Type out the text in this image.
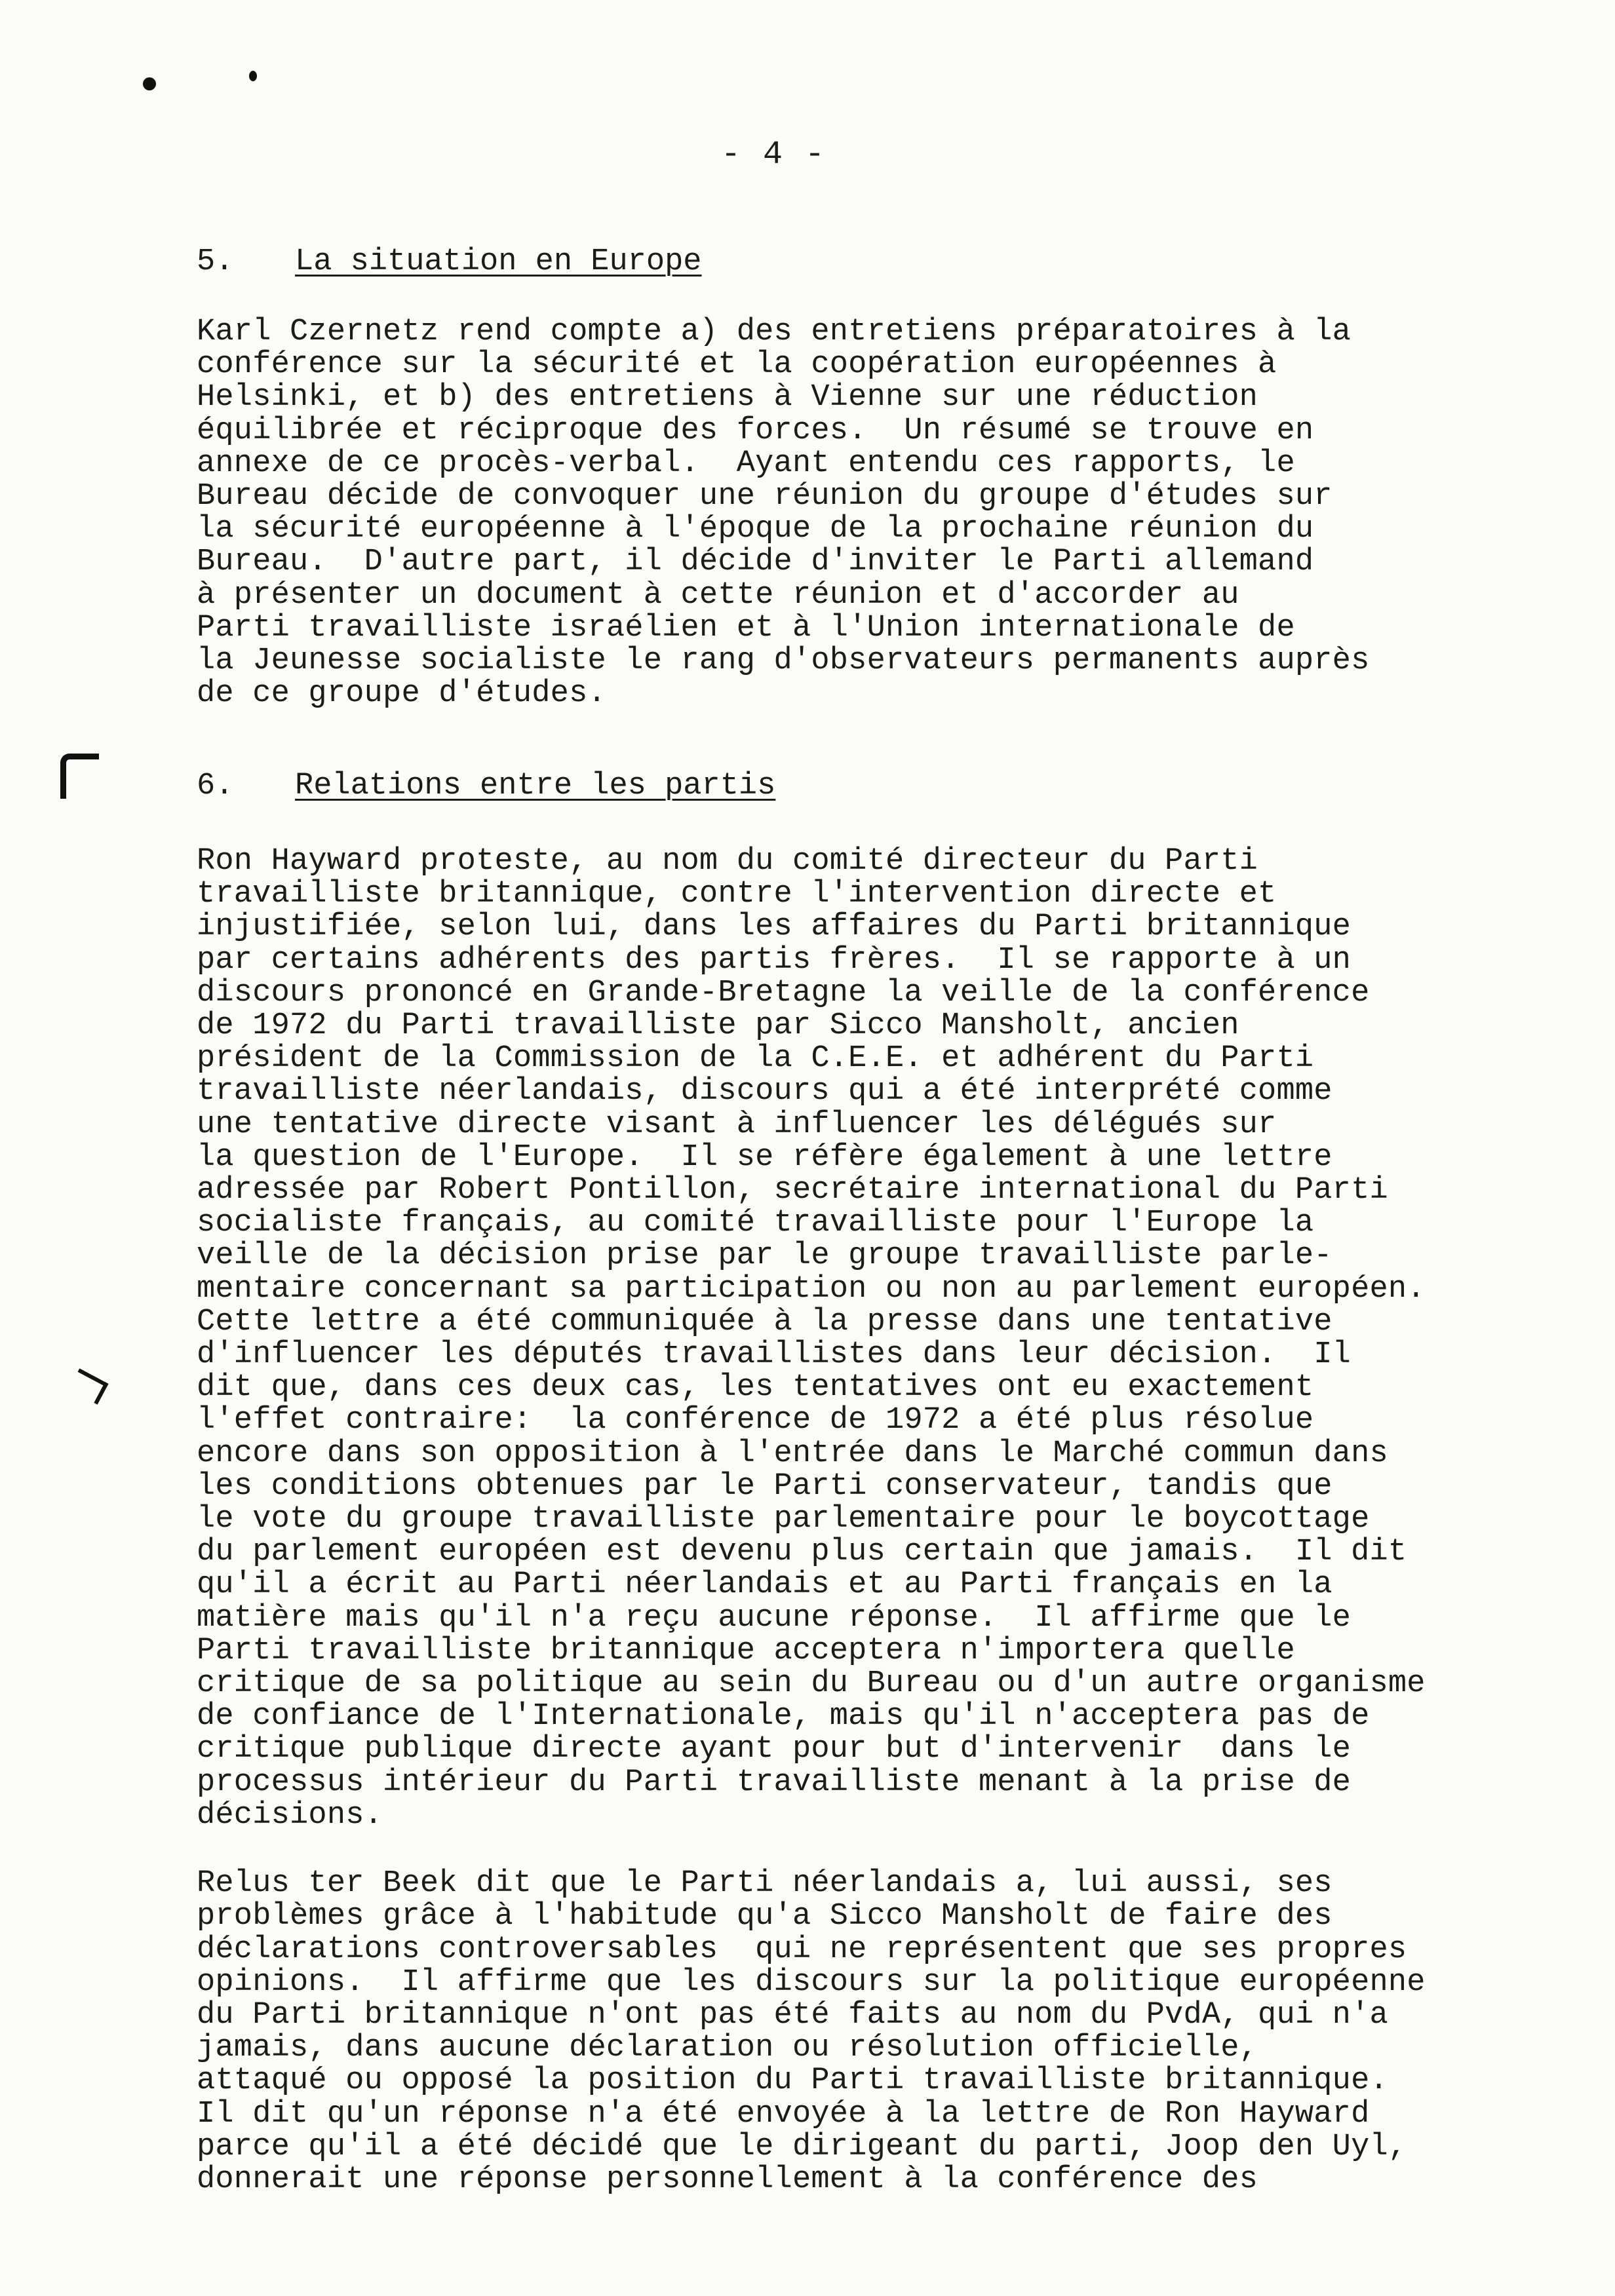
- 4 -
5. La situation en Europe
Karl Czernetz rend compte a) des entretiens préparatoires à la
conférence sur la sécurité et la coopération européennes à
Helsinki, et b) des entretiens à Vienne sur une réduction
équilibrée et réciproque des forces.  Un résumé se trouve en
annexe de ce procès-verbal.  Ayant entendu ces rapports, le
Bureau décide de convoquer une réunion du groupe d'études sur
la sécurité européenne à l'époque de la prochaine réunion du
Bureau.  D'autre part, il décide d'inviter le Parti allemand
à présenter un document à cette réunion et d'accorder au
Parti travailliste israélien et à l'Union internationale de
la Jeunesse socialiste le rang d'observateurs permanents auprès
de ce groupe d'études.
6. Relations entre les partis
Ron Hayward proteste, au nom du comité directeur du Parti
travailliste britannique, contre l'intervention directe et
injustifiée, selon lui, dans les affaires du Parti britannique
par certains adhérents des partis frères.  Il se rapporte à un
discours prononcé en Grande-Bretagne la veille de la conférence
de 1972 du Parti travailliste par Sicco Mansholt, ancien
président de la Commission de la C.E.E. et adhérent du Parti
travailliste néerlandais, discours qui a été interprété comme
une tentative directe visant à influencer les délégués sur
la question de l'Europe.  Il se réfère également à une lettre
adressée par Robert Pontillon, secrétaire international du Parti
socialiste français, au comité travailliste pour l'Europe la
veille de la décision prise par le groupe travailliste parle-
mentaire concernant sa participation ou non au parlement européen.
Cette lettre a été communiquée à la presse dans une tentative
d'influencer les députés travaillistes dans leur décision.  Il
dit que, dans ces deux cas, les tentatives ont eu exactement
l'effet contraire:  la conférence de 1972 a été plus résolue
encore dans son opposition à l'entrée dans le Marché commun dans
les conditions obtenues par le Parti conservateur, tandis que
le vote du groupe travailliste parlementaire pour le boycottage
du parlement européen est devenu plus certain que jamais.  Il dit
qu'il a écrit au Parti néerlandais et au Parti français en la
matière mais qu'il n'a reçu aucune réponse.  Il affirme que le
Parti travailliste britannique acceptera n'importera quelle
critique de sa politique au sein du Bureau ou d'un autre organisme
de confiance de l'Internationale, mais qu'il n'acceptera pas de
critique publique directe ayant pour but d'intervenir  dans le
processus intérieur du Parti travailliste menant à la prise de
décisions.
Relus ter Beek dit que le Parti néerlandais a, lui aussi, ses
problèmes grâce à l'habitude qu'a Sicco Mansholt de faire des
déclarations controversables  qui ne représentent que ses propres
opinions.  Il affirme que les discours sur la politique européenne
du Parti britannique n'ont pas été faits au nom du PvdA, qui n'a
jamais, dans aucune déclaration ou résolution officielle,
attaqué ou opposé la position du Parti travailliste britannique.
Il dit qu'un réponse n'a été envoyée à la lettre de Ron Hayward
parce qu'il a été décidé que le dirigeant du parti, Joop den Uyl,
donnerait une réponse personnellement à la conférence des
